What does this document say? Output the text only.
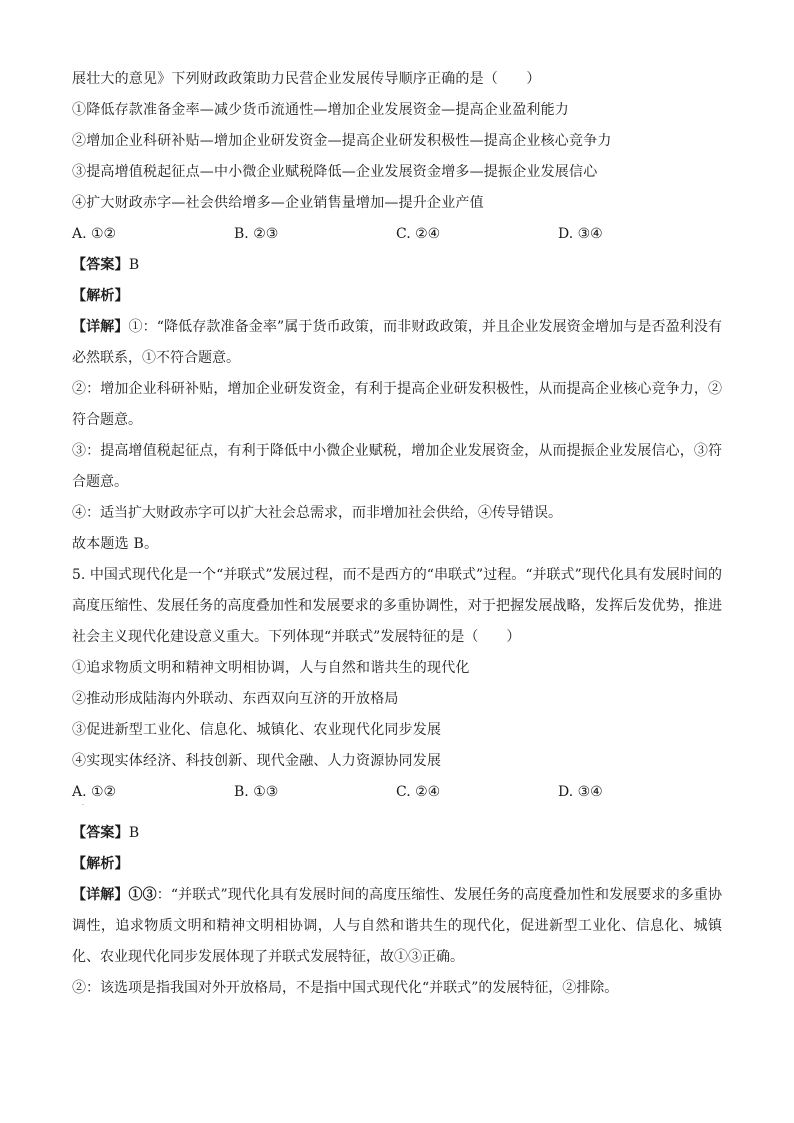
展壮大的意见》下列财政政策助力民营企业发展传导顺序正确的是（　　）
①降低存款准备金率—减少货币流通性—增加企业发展资金—提高企业盈利能力
②增加企业科研补贴—增加企业研发资金—提高企业研发积极性—提高企业核心竞争力
③提高增值税起征点—中小微企业赋税降低—企业发展资金增多—提振企业发展信心
④扩大财政赤字—社会供给增多—企业销售量增加—提升企业产值
A. ①②	B. ②③	C. ②④	D. ③④
【答案】B
【解析】
【详解】①：“降低存款准备金率”属于货币政策，而非财政政策，并且企业发展资金增加与是否盈利没有必然联系，①不符合题意。
②：增加企业科研补贴，增加企业研发资金，有利于提高企业研发积极性，从而提高企业核心竞争力，②符合题意。
③：提高增值税起征点，有利于降低中小微企业赋税，增加企业发展资金，从而提振企业发展信心，③符合题意。
④：适当扩大财政赤字可以扩大社会总需求，而非增加社会供给，④传导错误。
故本题选 B。
5. 中国式现代化是一个“并联式”发展过程，而不是西方的“串联式”过程。“并联式”现代化具有发展时间的高度压缩性、发展任务的高度叠加性和发展要求的多重协调性，对于把握发展战略，发挥后发优势，推进社会主义现代化建设意义重大。下列体现“并联式”发展特征的是（　　）
①追求物质文明和精神文明相协调，人与自然和谐共生的现代化
②推动形成陆海内外联动、东西双向互济的开放格局
③促进新型工业化、信息化、城镇化、农业现代化同步发展
④实现实体经济、科技创新、现代金融、人力资源协同发展
A. ①②	B. ①③	C. ②④	D. ③④
·
【答案】B
【解析】
【详解】①③：“并联式”现代化具有发展时间的高度压缩性、发展任务的高度叠加性和发展要求的多重协调性，追求物质文明和精神文明相协调，人与自然和谐共生的现代化，促进新型工业化、信息化、城镇化、农业现代化同步发展体现了并联式发展特征，故①③正确。
②：该选项是指我国对外开放格局，不是指中国式现代化“并联式”的发展特征，②排除。
